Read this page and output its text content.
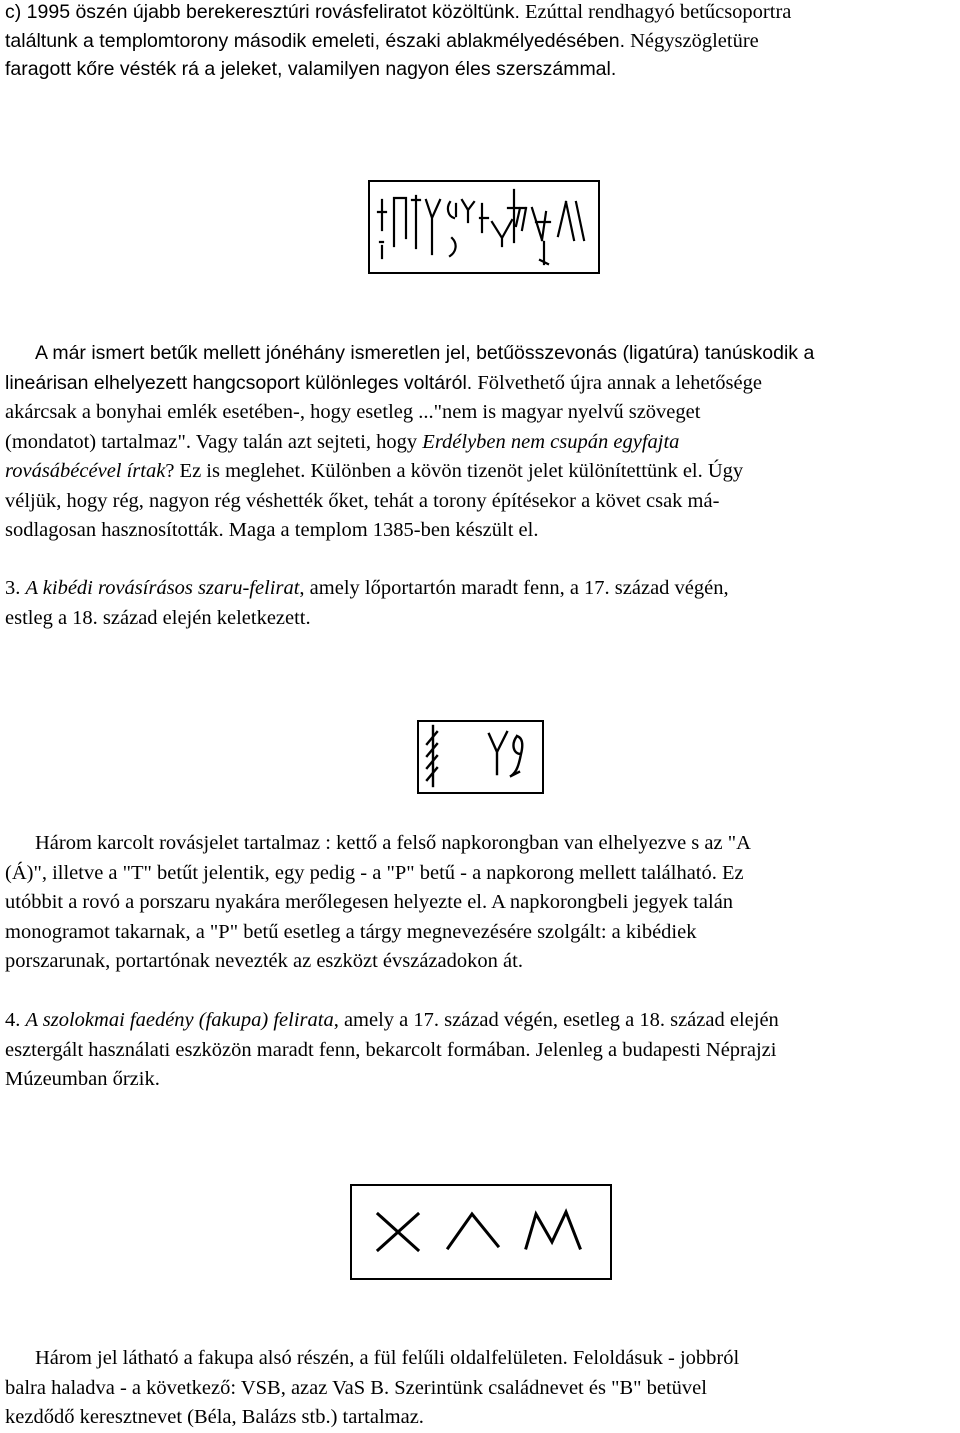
c) 1995 öszén újabb berekeresztúri rovásfeliratot közöltünk. Ezúttal rendhagyó betűcsoportra
találtunk a templomtorony második emeleti, északi ablakmélyedésében. Négyszögletüre
faragott kőre vésték rá a jeleket, valamilyen nagyon éles szerszámmal.

A már ismert betűk mellett jónéhány ismeretlen jel, betűösszevonás (ligatúra) tanúskodik a
lineárisan elhelyezett hangcsoport különleges voltáról. Fölvethető újra annak a lehetősége
akárcsak a bonyhai emlék esetében-, hogy esetleg ..."nem is magyar nyelvű szöveget
(mondatot) tartalmaz". Vagy talán azt sejteti, hogy Erdélyben nem csupán egyfajta
rovásábécével írtak? Ez is meglehet. Különben a kövön tizenöt jelet különítettünk el. Úgy
véljük, hogy rég, nagyon rég véshették őket, tehát a torony építésekor a követ csak má-
sodlagosan hasznosították. Maga a templom 1385-ben készült el.

3. A kibédi rovásírásos szaru-felirat, amely lőportartón maradt fenn, a 17. század végén,
estleg a 18. század elején keletkezett.

Három karcolt rovásjelet tartalmaz : kettő a felső napkorongban van elhelyezve s az "A
(Á)", illetve a "T" betűt jelentik, egy pedig - a "P" betű - a napkorong mellett található. Ez
utóbbit a rovó a porszaru nyakára merőlegesen helyezte el. A napkorongbeli jegyek talán
monogramot takarnak, a "P" betű esetleg a tárgy megnevezésére szolgált: a kibédiek
porszarunak, portartónak nevezték az eszközt évszázadokon át.

4. A szolokmai faedény (fakupa) felirata, amely a 17. század végén, esetleg a 18. század elején
esztergált használati eszközön maradt fenn, bekarcolt formában. Jelenleg a budapesti Néprajzi
Múzeumban őrzik.

Három jel látható a fakupa alsó részén, a fül felűli oldalfelületen. Feloldásuk - jobbról
balra haladva - a következő: VSB, azaz VaS B. Szerintünk családnevet és "B" betüvel
kezdődő keresztnevet (Béla, Balázs stb.) tartalmaz.
